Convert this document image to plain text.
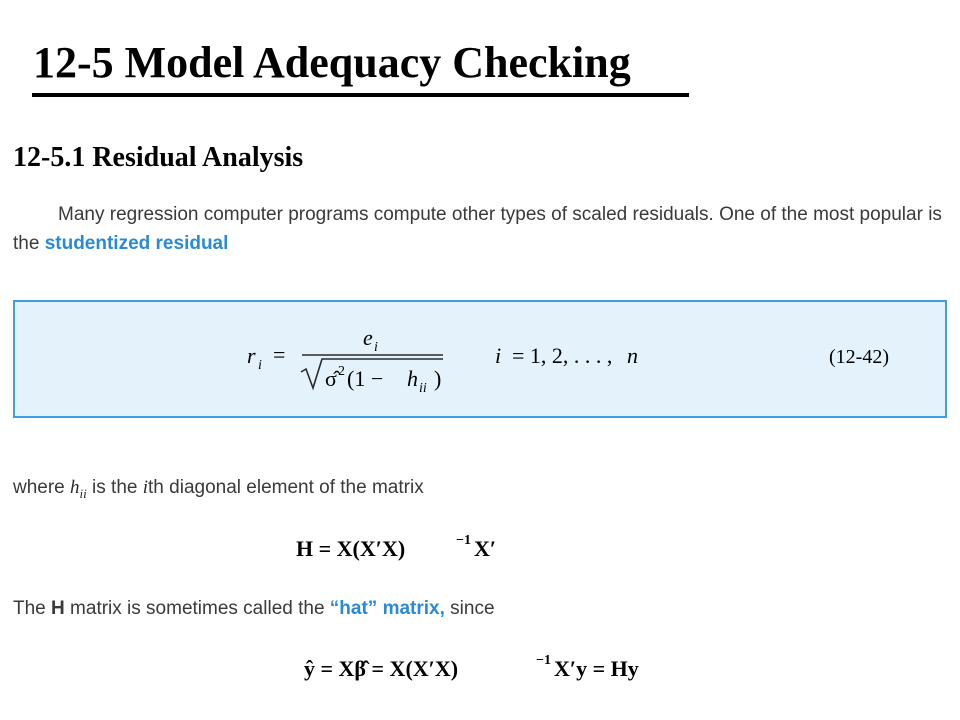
12-5 Model Adequacy Checking
12-5.1 Residual Analysis

Many regression computer programs compute other types of scaled residuals. One of the most popular is the studentized residual

r i =
e i
σ̂ 2 (1 − h ii )
i = 1, 2, . . . , n	(12-42)

where $h_{ii}$ is the ith diagonal element of the matrix

H = X(X′X)	−1 X′

The H matrix is sometimes called the “hat” matrix, since

ŷ = Xβ̂ = X(X′X)	−1 X′y = Hy
